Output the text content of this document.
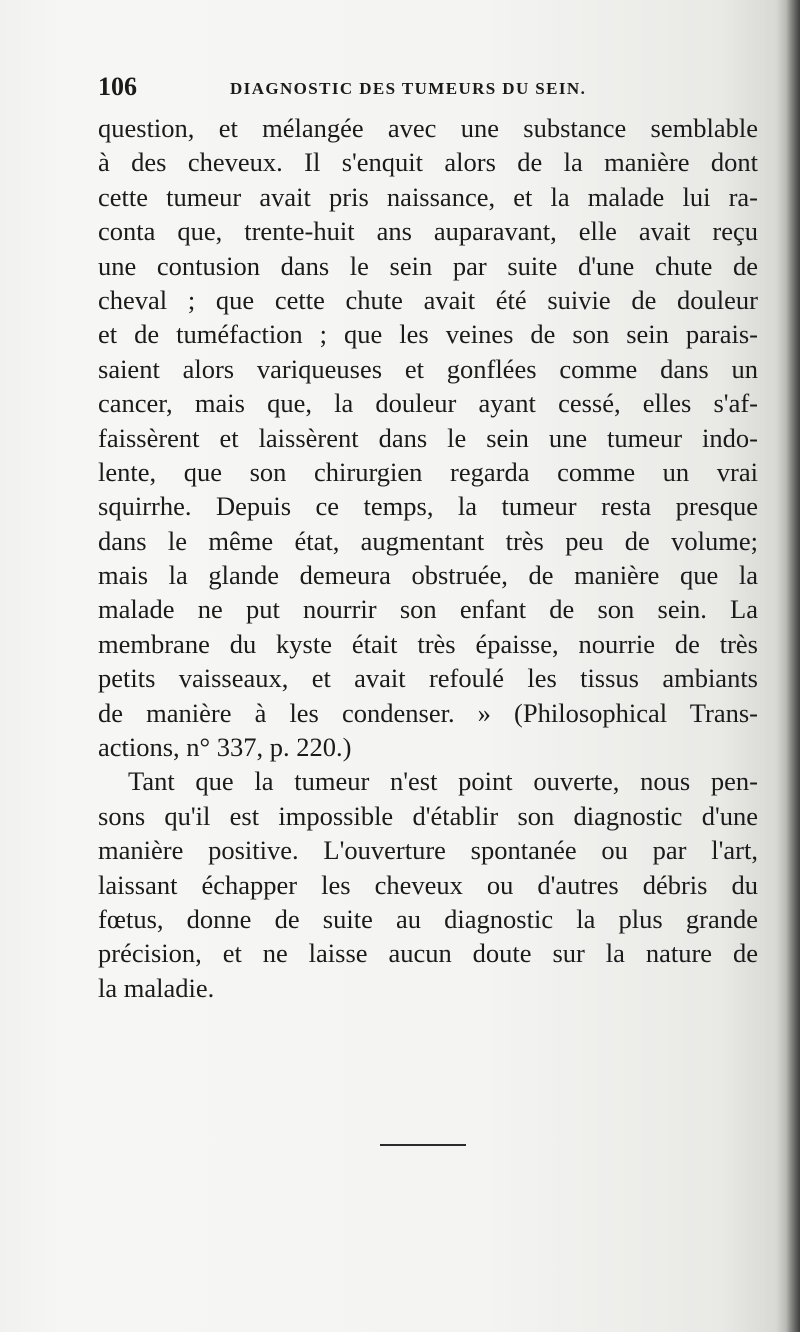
106	DIAGNOSTIC DES TUMEURS DU SEIN.
question, et mélangée avec une substance semblable
à des cheveux. Il s'enquit alors de la manière dont
cette tumeur avait pris naissance, et la malade lui ra-
conta que, trente-huit ans auparavant, elle avait reçu
une contusion dans le sein par suite d'une chute de
cheval ; que cette chute avait été suivie de douleur
et de tuméfaction ; que les veines de son sein parais-
saient alors variqueuses et gonflées comme dans un
cancer, mais que, la douleur ayant cessé, elles s'af-
faissèrent et laissèrent dans le sein une tumeur indo-
lente, que son chirurgien regarda comme un vrai
squirrhe. Depuis ce temps, la tumeur resta presque
dans le même état, augmentant très peu de volume;
mais la glande demeura obstruée, de manière que la
malade ne put nourrir son enfant de son sein. La
membrane du kyste était très épaisse, nourrie de très
petits vaisseaux, et avait refoulé les tissus ambiants
de manière à les condenser. » (Philosophical Trans-
actions, n° 337, p. 220.)
Tant que la tumeur n'est point ouverte, nous pen-
sons qu'il est impossible d'établir son diagnostic d'une
manière positive. L'ouverture spontanée ou par l'art,
laissant échapper les cheveux ou d'autres débris du
fœtus, donne de suite au diagnostic la plus grande
précision, et ne laisse aucun doute sur la nature de
la maladie.
